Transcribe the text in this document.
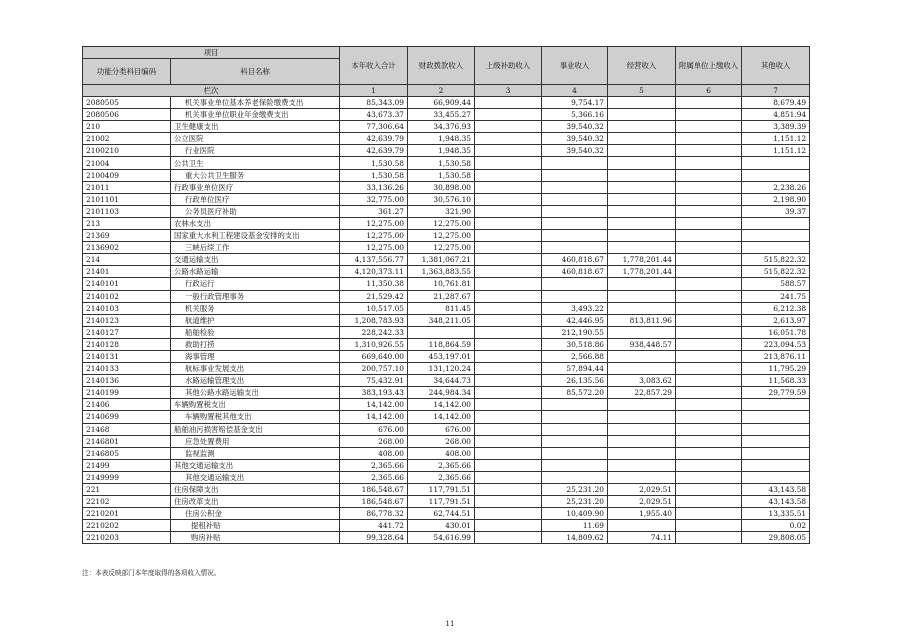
项目		本年收入合计	财政拨款收入	上级补助收入	事业收入	经营收入	附属单位上缴收入	其他收入
功能分类科目编码	科目名称							
栏次		1	2	3	4	5	6	7
2080505	机关事业单位基本养老保险缴费支出	85,343.09	66,909.44		9,754.17			8,679.49
2080506	机关事业单位职业年金缴费支出	43,673.37	33,455.27		5,366.16			4,851.94
210	卫生健康支出	77,306.64	34,376.93		39,540.32			3,389.39
21002	公立医院	42,639.79	1,948.35		39,540.32			1,151.12
2100210	行业医院	42,639.79	1,948.35		39,540.32			1,151.12
21004	公共卫生	1,530.58	1,530.58					
2100409	重大公共卫生服务	1,530.58	1,530.58					
21011	行政事业单位医疗	33,136.26	30,898.00					2,238.26
2101101	行政单位医疗	32,775.00	30,576.10					2,198.90
2101103	公务员医疗补助	361.27	321.90					39.37
213	农林水支出	12,275.00	12,275.00					
21369	国家重大水利工程建设基金安排的支出	12,275.00	12,275.00					
2136902	三峡后续工作	12,275.00	12,275.00					
214	交通运输支出	4,137,556.77	1,381,067.21		460,818.67	1,778,201.44		515,822.32
21401	公路水路运输	4,120,373.11	1,363,883.55		460,818.67	1,778,201.44		515,822.32
2140101	行政运行	11,350.38	10,761.81					588.57
2140102	一般行政管理事务	21,529.42	21,287.67					241.75
2140103	机关服务	10,517.05	811.45		3,493.22			6,212.38
2140123	航道维护	1,208,783.93	348,211.05		42,446.95	813,811.96		2,613.97
2140127	船舶检验	228,242.33			212,190.55			16,051.78
2140128	救助打捞	1,310,926.55	118,864.59		30,518.86	938,448.57		223,094.53
2140131	海事管理	669,640.00	453,197.01		2,566.88			213,876.11
2140133	航标事业发展支出	200,757.10	131,120.24		57,894.44			11,795.29
2140136	水路运输管理支出	75,432.91	34,644.73		26,135.56	3,083.62		11,568.33
2140199	其他公路水路运输支出	383,193.43	244,984.34		85,572.20	22,857.29		29,779.59
21406	车辆购置税支出	14,142.00	14,142.00					
2140699	车辆购置税其他支出	14,142.00	14,142.00					
21468	船舶油污损害赔偿基金支出	676.00	676.00					
2146801	应急处置费用	268.00	268.00					
2146805	监视监测	408.00	408.00					
21499	其他交通运输支出	2,365.66	2,365.66					
2149999	其他交通运输支出	2,365.66	2,365.66					
221	住房保障支出	186,548.67	117,791.51		25,231.20	2,029.51		43,143.58
22102	住房改革支出	186,548.67	117,791.51		25,231.20	2,029.51		43,143.58
2210201	住房公积金	86,778.32	62,744.51		10,409.90	1,955.40		13,335.51
2210202	提租补贴	441.72	430.01		11.69			0.02
2210203	购房补贴	99,328.64	54,616.99		14,809.62	74.11		29,808.05
注：本表反映部门本年度取得的各项收入情况。
11
